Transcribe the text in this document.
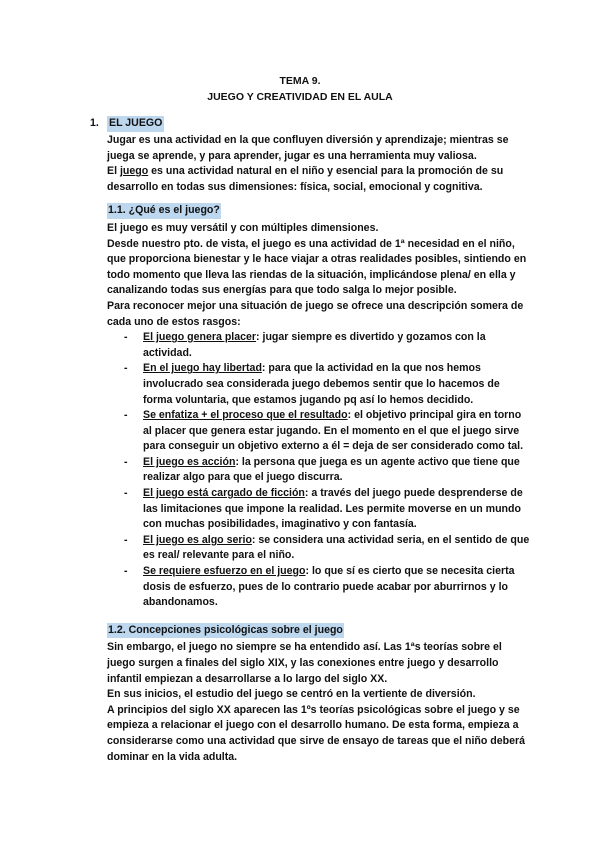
TEMA 9.
JUEGO Y CREATIVIDAD EN EL AULA
1. EL JUEGO

Jugar es una actividad en la que confluyen diversión y aprendizaje; mientras se juega se aprende, y para aprender, jugar es una herramienta muy valiosa.

El juego es una actividad natural en el niño y esencial para la promoción de su desarrollo en todas sus dimensiones: física, social, emocional y cognitiva.

1.1. ¿Qué es el juego?

El juego es muy versátil y con múltiples dimensiones.

Desde nuestro pto. de vista, el juego es una actividad de 1ª necesidad en el niño, que proporciona bienestar y le hace viajar a otras realidades posibles, sintiendo en todo momento que lleva las riendas de la situación, implicándose plena/ en ella y canalizando todas sus energías para que todo salga lo mejor posible.

Para reconocer mejor una situación de juego se ofrece una descripción somera de cada uno de estos rasgos:

- El juego genera placer: jugar siempre es divertido y gozamos con la actividad.
- En el juego hay libertad: para que la actividad en la que nos hemos involucrado sea considerada juego debemos sentir que lo hacemos de forma voluntaria, que estamos jugando pq así lo hemos decidido.
- Se enfatiza + el proceso que el resultado: el objetivo principal gira en torno al placer que genera estar jugando. En el momento en el que el juego sirve para conseguir un objetivo externo a él = deja de ser considerado como tal.
- El juego es acción: la persona que juega es un agente activo que tiene que realizar algo para que el juego discurra.
- El juego está cargado de ficción: a través del juego puede desprenderse de las limitaciones que impone la realidad. Les permite moverse en un mundo con muchas posibilidades, imaginativo y con fantasía.
- El juego es algo serio: se considera una actividad seria, en el sentido de que es real/ relevante para el niño.
- Se requiere esfuerzo en el juego: lo que sí es cierto que se necesita cierta dosis de esfuerzo, pues de lo contrario puede acabar por aburrirnos y lo abandonamos.
1.2. Concepciones psicológicas sobre el juego

Sin embargo, el juego no siempre se ha entendido así. Las 1ªs teorías sobre el juego surgen a finales del siglo XIX, y las conexiones entre juego y desarrollo infantil empiezan a desarrollarse a lo largo del siglo XX.

En sus inicios, el estudio del juego se centró en la vertiente de diversión.

A principios del siglo XX aparecen las 1ºs teorías psicológicas sobre el juego y se empieza a relacionar el juego con el desarrollo humano. De esta forma, empieza a considerarse como una actividad que sirve de ensayo de tareas que el niño deberá dominar en la vida adulta.
